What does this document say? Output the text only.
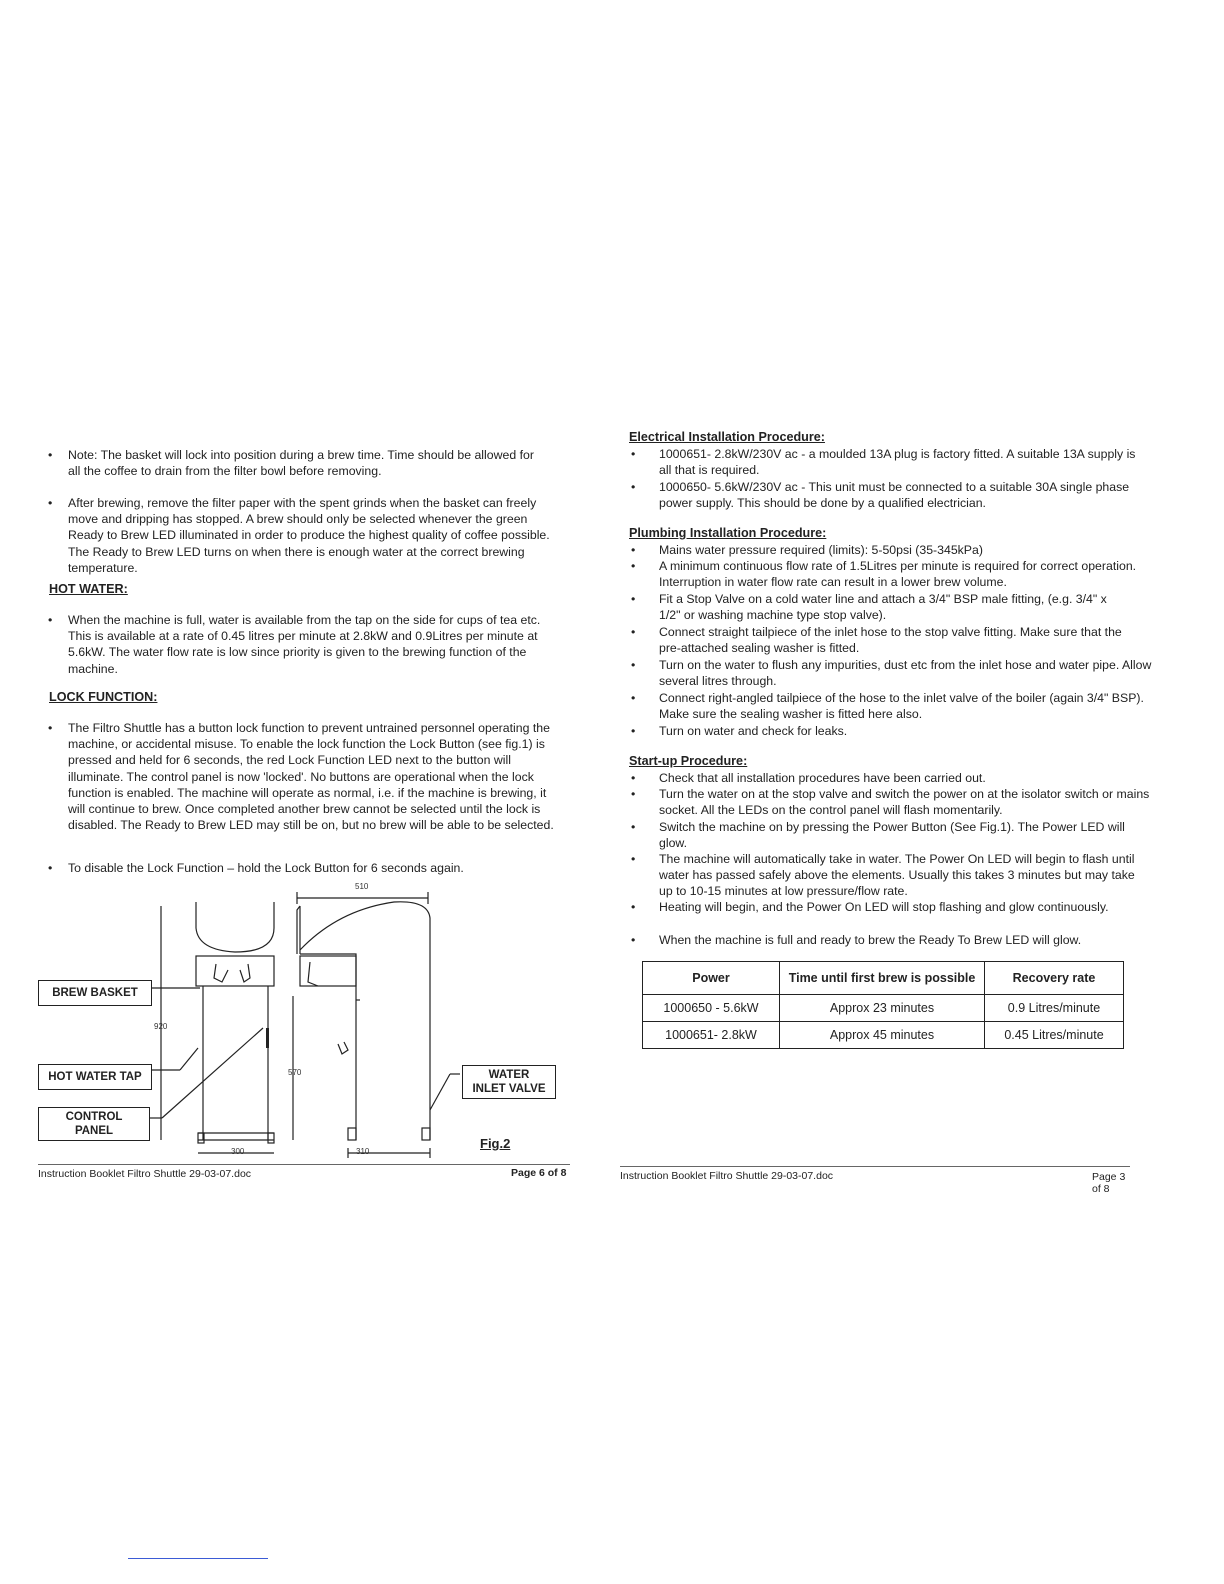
• Note: The basket will lock into position during a brew time. Time should be allowed for all the coffee to drain from the filter bowl before removing.
• After brewing, remove the filter paper with the spent grinds when the basket can freely move and dripping has stopped. A brew should only be selected whenever the green Ready to Brew LED illuminated in order to produce the highest quality of coffee possible. The Ready to Brew LED turns on when there is enough water at the correct brewing temperature.
HOT WATER:
• When the machine is full, water is available from the tap on the side for cups of tea etc. This is available at a rate of 0.45 litres per minute at 2.8kW and 0.9Litres per minute at 5.6kW. The water flow rate is low since priority is given to the brewing function of the machine.
LOCK FUNCTION:
• The Filtro Shuttle has a button lock function to prevent untrained personnel operating the machine, or accidental misuse. To enable the lock function the Lock Button (see fig.1) is pressed and held for 6 seconds, the red Lock Function LED next to the button will illuminate. The control panel is now 'locked'. No buttons are operational when the lock function is enabled. The machine will operate as normal, i.e. if the machine is brewing, it will continue to brew. Once completed another brew cannot be selected until the lock is disabled. The Ready to Brew LED may still be on, but no brew will be able to be selected.
• To disable the Lock Function – hold the Lock Button for 6 seconds again.
510
920
570
300	310
BREW BASKET
HOT WATER TAP
CONTROL PANEL
WATER INLET VALVE
Fig.2
Instruction Booklet Filtro Shuttle 29-03-07.doc	Page 6 of 8
Electrical Installation Procedure:
• 1000651- 2.8kW/230V ac - a moulded 13A plug is factory fitted. A suitable 13A supply is all that is required.
• 1000650- 5.6kW/230V ac - This unit must be connected to a suitable 30A single phase power supply. This should be done by a qualified electrician.
Plumbing Installation Procedure:
• Mains water pressure required (limits): 5-50psi (35-345kPa)
• A minimum continuous flow rate of 1.5Litres per minute is required for correct operation. Interruption in water flow rate can result in a lower brew volume.
• Fit a Stop Valve on a cold water line and attach a 3/4" BSP male fitting, (e.g. 3/4" x 1/2" or washing machine type stop valve).
• Connect straight tailpiece of the inlet hose to the stop valve fitting. Make sure that the pre-attached sealing washer is fitted.
• Turn on the water to flush any impurities, dust etc from the inlet hose and water pipe. Allow several litres through.
• Connect right-angled tailpiece of the hose to the inlet valve of the boiler (again 3/4" BSP). Make sure the sealing washer is fitted here also.
• Turn on water and check for leaks.
Start-up Procedure:
• Check that all installation procedures have been carried out.
• Turn the water on at the stop valve and switch the power on at the isolator switch or mains socket. All the LEDs on the control panel will flash momentarily.
• Switch the machine on by pressing the Power Button (See Fig.1). The Power LED will glow.
• The machine will automatically take in water. The Power On LED will begin to flash until water has passed safely above the elements. Usually this takes 3 minutes but may take up to 10-15 minutes at low pressure/flow rate.
• Heating will begin, and the Power On LED will stop flashing and glow continuously.
• When the machine is full and ready to brew the Ready To Brew LED will glow.
Power	Time until first brew is possible	Recovery rate
1000650 - 5.6kW	Approx 23 minutes	0.9 Litres/minute
1000651- 2.8kW	Approx 45 minutes	0.45 Litres/minute
Instruction Booklet Filtro Shuttle 29-03-07.doc	Page 3 of 8
